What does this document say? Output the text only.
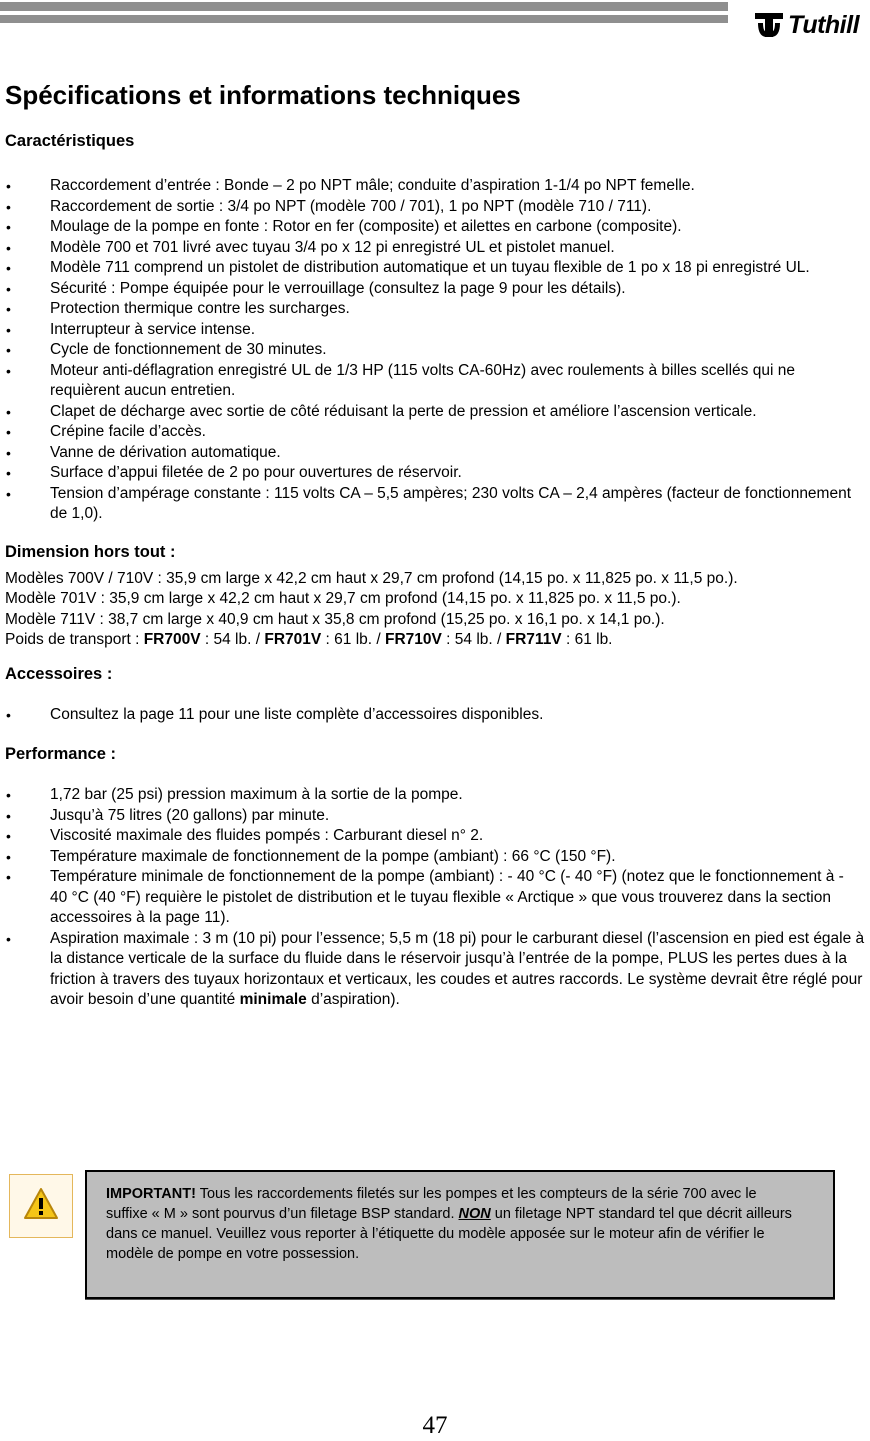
Tuthill
Spécifications et informations techniques
Caractéristiques
• Raccordement d’entrée : Bonde – 2 po NPT mâle; conduite d’aspiration 1-1/4 po NPT femelle.
• Raccordement de sortie : 3/4 po NPT (modèle 700 / 701), 1 po NPT (modèle 710 / 711).
• Moulage de la pompe en fonte : Rotor en fer (composite) et ailettes en carbone (composite).
• Modèle 700 et 701 livré avec tuyau 3/4 po x 12 pi enregistré UL et pistolet manuel.
• Modèle 711 comprend un pistolet de distribution automatique et un tuyau flexible de 1 po x 18 pi enregistré UL.
• Sécurité : Pompe équipée pour le verrouillage (consultez la page 9 pour les détails).
• Protection thermique contre les surcharges.
• Interrupteur à service intense.
• Cycle de fonctionnement de 30 minutes.
• Moteur anti-déflagration enregistré UL de 1/3 HP (115 volts CA-60Hz) avec roulements à billes scellés qui ne requièrent aucun entretien.
• Clapet de décharge avec sortie de côté réduisant la perte de pression et améliore l’ascension verticale.
• Crépine facile d’accès.
• Vanne de dérivation automatique.
• Surface d’appui filetée de 2 po pour ouvertures de réservoir.
• Tension d’ampérage constante : 115 volts CA – 5,5 ampères; 230 volts CA – 2,4 ampères (facteur de fonctionnement de 1,0).
Dimension hors tout :

Modèles 700V / 710V : 35,9 cm large x 42,2 cm haut x 29,7 cm profond (14,15 po. x 11,825 po. x 11,5 po.).

Modèle 701V : 35,9 cm large x 42,2 cm haut x 29,7 cm profond (14,15 po. x 11,825 po. x 11,5 po.).

Modèle 711V : 38,7 cm large x 40,9 cm haut x 35,8 cm profond (15,25 po. x 16,1 po. x 14,1 po.).

Poids de transport : FR700V : 54 lb. / FR701V : 61 lb. / FR710V : 54 lb. / FR711V : 61 lb.

Accessoires :
• Consultez la page 11 pour une liste complète d’accessoires disponibles.
Performance :
• 1,72 bar (25 psi) pression maximum à la sortie de la pompe.
• Jusqu’à 75 litres (20 gallons) par minute.
• Viscosité maximale des fluides pompés : Carburant diesel n° 2.
• Température maximale de fonctionnement de la pompe (ambiant) : 66 °C (150 °F).
• Température minimale de fonctionnement de la pompe (ambiant) : - 40 °C (- 40 °F) (notez que le fonctionnement à - 40 °C (40 °F) requière le pistolet de distribution et le tuyau flexible « Arctique » que vous trouverez dans la section accessoires à la page 11).
• Aspiration maximale : 3 m (10 pi) pour l’essence; 5,5 m (18 pi) pour le carburant diesel (l’ascension en pied est égale à la distance verticale de la surface du fluide dans le réservoir jusqu’à l’entrée de la pompe, PLUS les pertes dues à la friction à travers des tuyaux horizontaux et verticaux, les coudes et autres raccords. Le système devrait être réglé pour avoir besoin d’une quantité minimale d’aspiration).
IMPORTANT! Tous les raccordements filetés sur les pompes et les compteurs de la série 700 avec le suffixe « M » sont pourvus d’un filetage BSP standard. NON un filetage NPT standard tel que décrit ailleurs dans ce manuel. Veuillez vous reporter à l’étiquette du modèle apposée sur le moteur afin de vérifier le modèle de pompe en votre possession.
47
